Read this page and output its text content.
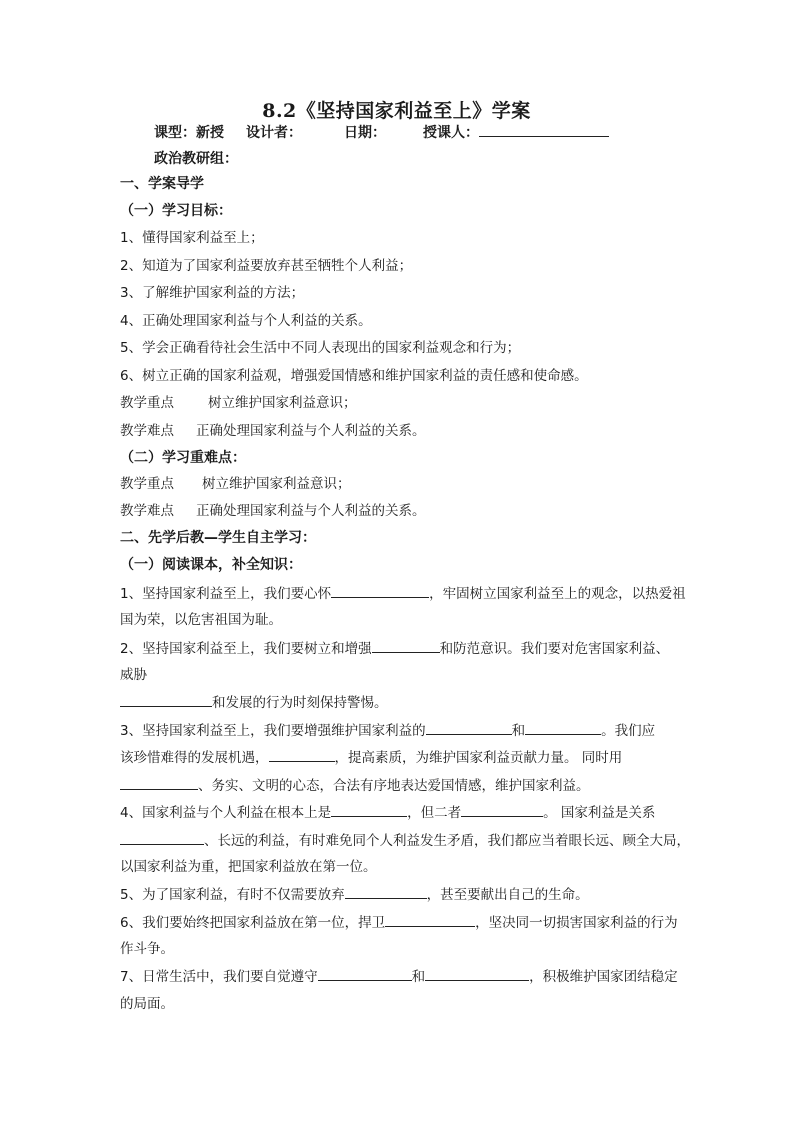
8.2《坚持国家利益至上》学案
课型：新授 设计者：	日期：	授课人：
政治教研组：
一、学案导学
（一）学习目标：
1、懂得国家利益至上；
2、知道为了国家利益要放弃甚至牺牲个人利益；
3、了解维护国家利益的方法；
4、正确处理国家利益与个人利益的关系。
5、学会正确看待社会生活中不同人表现出的国家利益观念和行为；
6、树立正确的国家利益观，增强爱国情感和维护国家利益的责任感和使命感。
教学重点	树立维护国家利益意识；
教学难点 正确处理国家利益与个人利益的关系。
（二）学习重难点：
教学重点 树立维护国家利益意识；
教学难点 正确处理国家利益与个人利益的关系。
二、先学后教—学生自主学习：
（一）阅读课本，补全知识：
1、坚持国家利益至上，我们要心怀	，牢固树立国家利益至上的观念，以热爱祖
国为荣，以危害祖国为耻。
2、坚持国家利益至上，我们要树立和增强	和防范意识。我们要对危害国家利益、
威胁
和发展的行为时刻保持警惕。
3、坚持国家利益至上，我们要增强维护国家利益的	和	。我们应
该珍惜难得的发展机遇，	，提高素质，为维护国家利益贡献力量。 同时用
、务实、文明的心态，合法有序地表达爱国情感，维护国家利益。
4、国家利益与个人利益在根本上是	，但二者	。 国家利益是关系
、长远的利益，有时难免同个人利益发生矛盾，我们都应当着眼长远、顾全大局，
以国家利益为重，把国家利益放在第一位。
5、为了国家利益，有时不仅需要放弃	，甚至要献出自己的生命。
6、我们要始终把国家利益放在第一位，捍卫	，坚决同一切损害国家利益的行为
作斗争。
7、日常生活中，我们要自觉遵守	和	，积极维护国家团结稳定
的局面。
